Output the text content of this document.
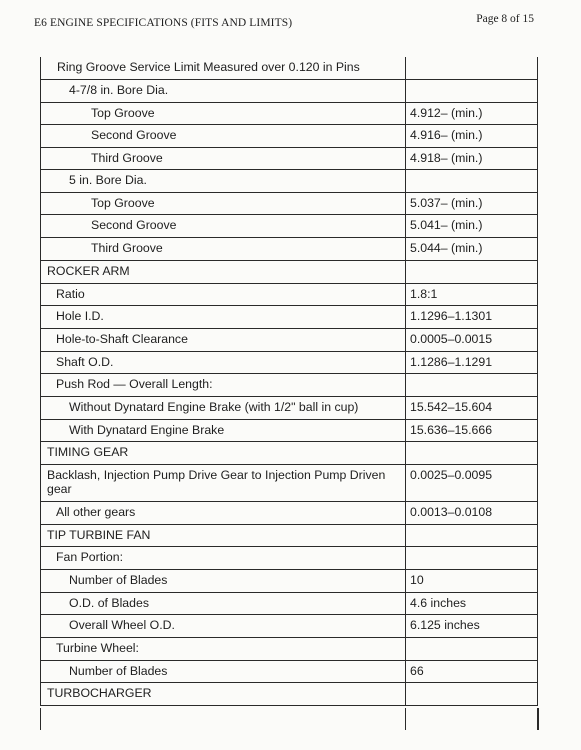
E6 ENGINE SPECIFICATIONS (FITS AND LIMITS)	Page 8 of 15
Ring Groove Service Limit Measured over 0.120 in Pins	
4-7/8 in. Bore Dia.	
Top Groove	4.912– (min.)
Second Groove	4.916– (min.)
Third Groove	4.918– (min.)
5 in. Bore Dia.	
Top Groove	5.037– (min.)
Second Groove	5.041– (min.)
Third Groove	5.044– (min.)
ROCKER ARM	
Ratio	1.8:1
Hole I.D.	1.1296–1.1301
Hole-to-Shaft Clearance	0.0005–0.0015
Shaft O.D.	1.1286–1.1291
Push Rod — Overall Length:	
Without Dynatard Engine Brake (with 1/2" ball in cup)	15.542–15.604
With Dynatard Engine Brake	15.636–15.666
TIMING GEAR	
Backlash, Injection Pump Drive Gear to Injection Pump Driven gear	0.0025–0.0095
All other gears	0.0013–0.0108
TIP TURBINE FAN	
Fan Portion:	
Number of Blades	10
O.D. of Blades	4.6 inches
Overall Wheel O.D.	6.125 inches
Turbine Wheel:	
Number of Blades	66
TURBOCHARGER	
